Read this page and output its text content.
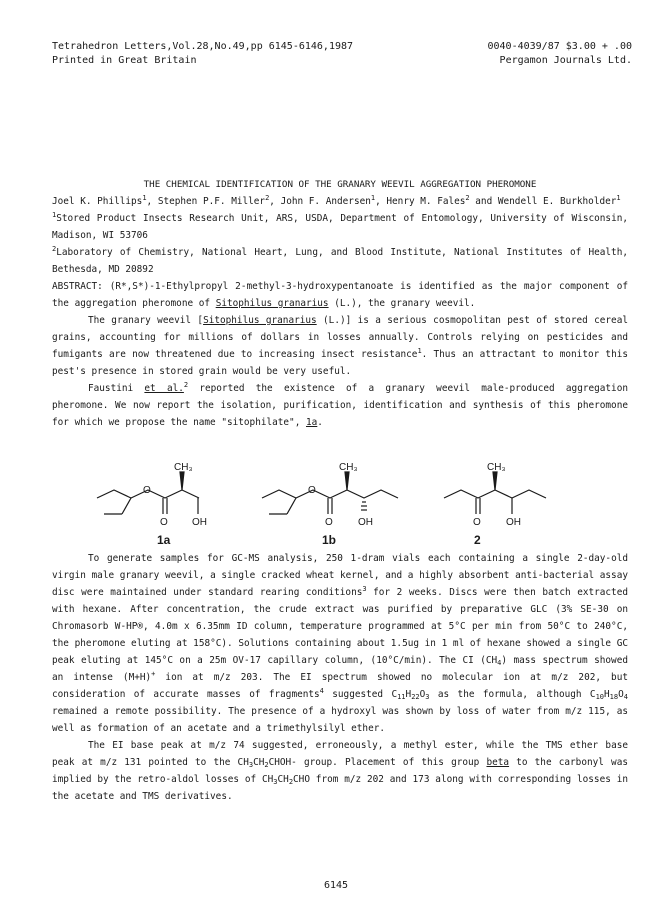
Tetrahedron Letters,Vol.28,No.49,pp 6145-6146,1987	0040-4039/87 $3.00 + .00
Printed in Great Britain	Pergamon Journals Ltd.

THE CHEMICAL IDENTIFICATION OF THE GRANARY WEEVIL AGGREGATION PHEROMONE

Joel K. Phillips$^1$, Stephen P.F. Miller$^2$, John F. Andersen$^1$, Henry M. Fales$^2$ and Wendell E. Burkholder$^1$

$^1$Stored Product Insects Research Unit, ARS, USDA, Department of Entomology, University of Wisconsin, Madison, WI 53706

$^2$Laboratory of Chemistry, National Heart, Lung, and Blood Institute, National Institutes of Health, Bethesda, MD 20892

ABSTRACT: (R*,S*)-1-Ethylpropyl 2-methyl-3-hydroxypentanoate is identified as the major component of the aggregation pheromone of Sitophilus granarius (L.), the granary weevil.

The granary weevil [Sitophilus granarius (L.)] is a serious cosmopolitan pest of stored cereal grains, accounting for millions of dollars in losses annually. Controls relying on pesticides and fumigants are now threatened due to increasing insect resistance$^1$. Thus an attractant to monitor this pest's presence in stored grain would be very useful.

Faustini et al.$^2$ reported the existence of a granary weevil male-produced aggregation pheromone. We now report the isolation, purification, identification and synthesis of this pheromone for which we propose the name "sitophilate", 1a.

CH₃
O
O OH
1a
CH₃
O
O	OH
1b
CH₃
O	OH
2

To generate samples for GC-MS analysis, 250 1-dram vials each containing a single 2-day-old virgin male granary weevil, a single cracked wheat kernel, and a highly absorbent anti-bacterial assay disc were maintained under standard rearing conditions$^3$ for 2 weeks. Discs were then batch extracted with hexane. After concentration, the crude extract was purified by preparative GLC (3% SE-30 on Chromasorb W-HP®, 4.0m x 6.35mm ID column, temperature programmed at 5°C per min from 50°C to 240°C, the pheromone eluting at 158°C). Solutions containing about 1.5ug in 1 ml of hexane showed a single GC peak eluting at 145°C on a 25m OV-17 capillary column, (10°C/min). The CI $(CH_4)$ mass spectrum showed an intense (M+H)+ ion at m/z 203. The EI spectrum showed no molecular ion at m/z 202, but consideration of accurate masses of fragments$^4$ suggested $C_{11}H_{22}O_3$ as the formula, although $C_{10}H_{18}O_4$ remained a remote possibility. The presence of a hydroxyl was shown by loss of water from m/z 115, as well as formation of an acetate and a trimethylsilyl ether.

The EI base peak at m/z 74 suggested, erroneously, a methyl ester, while the TMS ether base peak at m/z 131 pointed to the $CH_3CH_2CHOH-$ group. Placement of this group beta to the carbonyl was implied by the retro-aldol losses of $CH_3CH_2CHO$ from m/z 202 and 173 along with corresponding losses in the acetate and TMS derivatives.

6145
